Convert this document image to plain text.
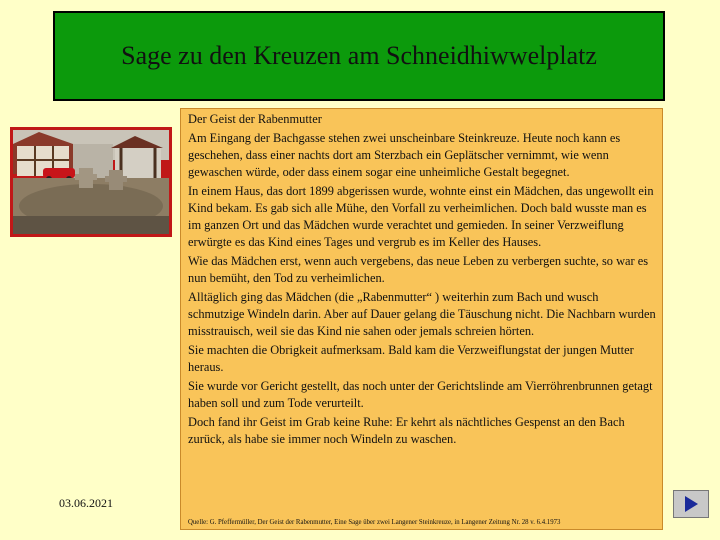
Sage zu den Kreuzen am Schneidhiwwelplatz

Der Geist der Rabenmutter

Am Eingang der Bachgasse stehen zwei unscheinbare Steinkreuze. Heute noch kann es geschehen, dass einer nachts dort am Sterzbach ein Geplätscher vernimmt, wie wenn gewaschen würde, oder dass einem sogar eine unheimliche Gestalt begegnet.

In einem Haus, das dort 1899 abgerissen wurde, wohnte einst ein Mädchen, das ungewollt ein Kind bekam. Es gab sich alle Mühe, den Vorfall zu verheimlichen. Doch bald wusste man es im ganzen Ort und das Mädchen wurde verachtet und gemieden. In seiner Verzweiflung erwürgte es das Kind eines Tages und vergrub es im Keller des Hauses.

Wie das Mädchen erst, wenn auch vergebens, das neue Leben zu verbergen suchte, so war es nun bemüht, den Tod zu verheimlichen.

Alltäglich ging das Mädchen (die „Rabenmutter“ ) weiterhin zum Bach und wusch schmutzige Windeln darin. Aber auf Dauer gelang die Täuschung nicht. Die Nachbarn wurden misstrauisch, weil sie das Kind nie sahen oder jemals schreien hörten.

Sie machten die Obrigkeit aufmerksam. Bald kam die Verzweiflungstat der jungen Mutter heraus.

Sie wurde vor Gericht gestellt, das noch unter der Gerichtslinde am Vierröhrenbrunnen getagt haben soll und zum Tode verurteilt.

Doch fand ihr Geist im Grab keine Ruhe: Er kehrt als nächtliches Gespenst an den Bach zurück, als habe sie immer noch Windeln zu waschen.

Quelle: G. Pfeffermüller, Der Geist der Rabenmutter, Eine Sage über zwei Langener Steinkreuze, in Langener Zeitung Nr. 28 v. 6.4.1973
03.06.2021
